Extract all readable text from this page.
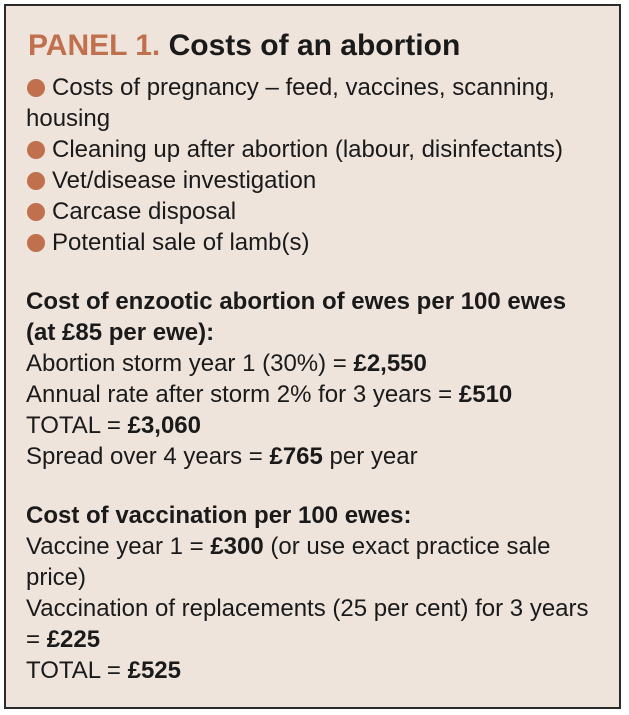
PANEL 1. Costs of an abortion
Costs of pregnancy – feed, vaccines, scanning, housing
Cleaning up after abortion (labour, disinfectants)
Vet/disease investigation
Carcase disposal
Potential sale of lamb(s)
Cost of enzootic abortion of ewes per 100 ewes (at £85 per ewe):
Abortion storm year 1 (30%) = £2,550
Annual rate after storm 2% for 3 years = £510
TOTAL = £3,060
Spread over 4 years = £765 per year
Cost of vaccination per 100 ewes:
Vaccine year 1 = £300 (or use exact practice sale price)
Vaccination of replacements (25 per cent) for 3 years = £225
TOTAL = £525
